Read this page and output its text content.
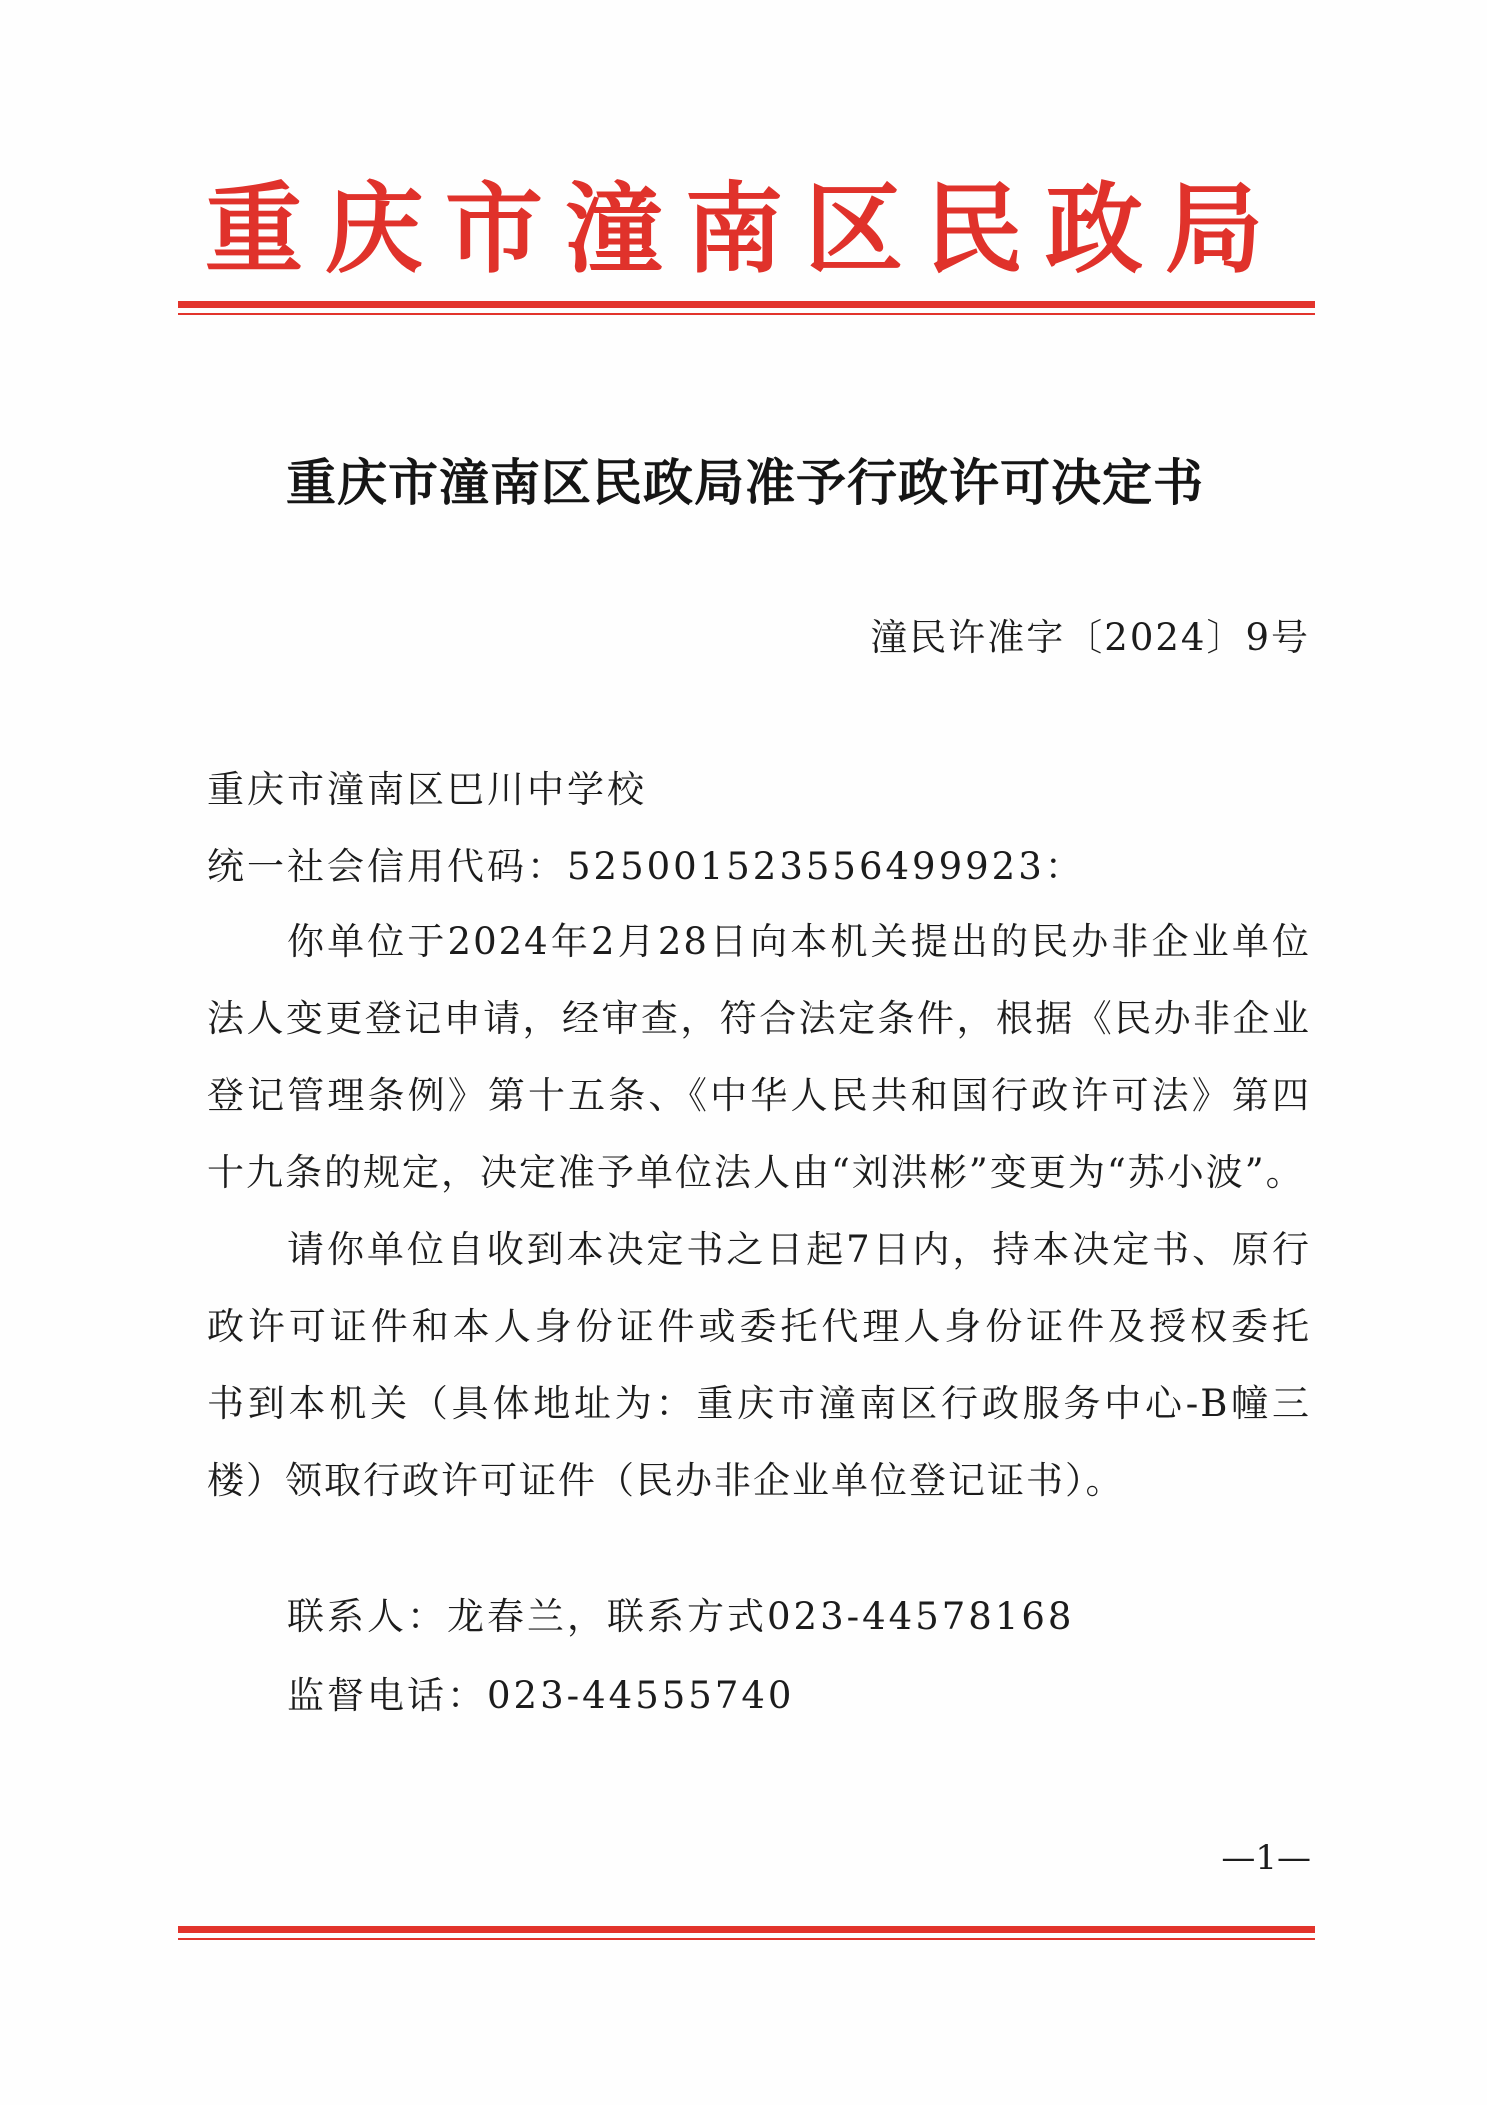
重庆市潼南区民政局
重庆市潼南区民政局准予行政许可决定书
潼民许准字〔2024〕9号
重庆市潼南区巴川中学校
统一社会信用代码：525001523556499923：
你单位于2024年2月28日向本机关提出的民办非企业单位
法人变更登记申请，经审查，符合法定条件，根据《民办非企业
登记管理条例》第十五条、《中华人民共和国行政许可法》第四
十九条的规定，决定准予单位法人由“刘洪彬”变更为“苏小波”。
请你单位自收到本决定书之日起7日内，持本决定书、原行
政许可证件和本人身份证件或委托代理人身份证件及授权委托
书到本机关（具体地址为：重庆市潼南区行政服务中心-B幢三
楼）领取行政许可证件（民办非企业单位登记证书）。
联系人：龙春兰，联系方式023-44578168
监督电话：023-44555740
—1—
